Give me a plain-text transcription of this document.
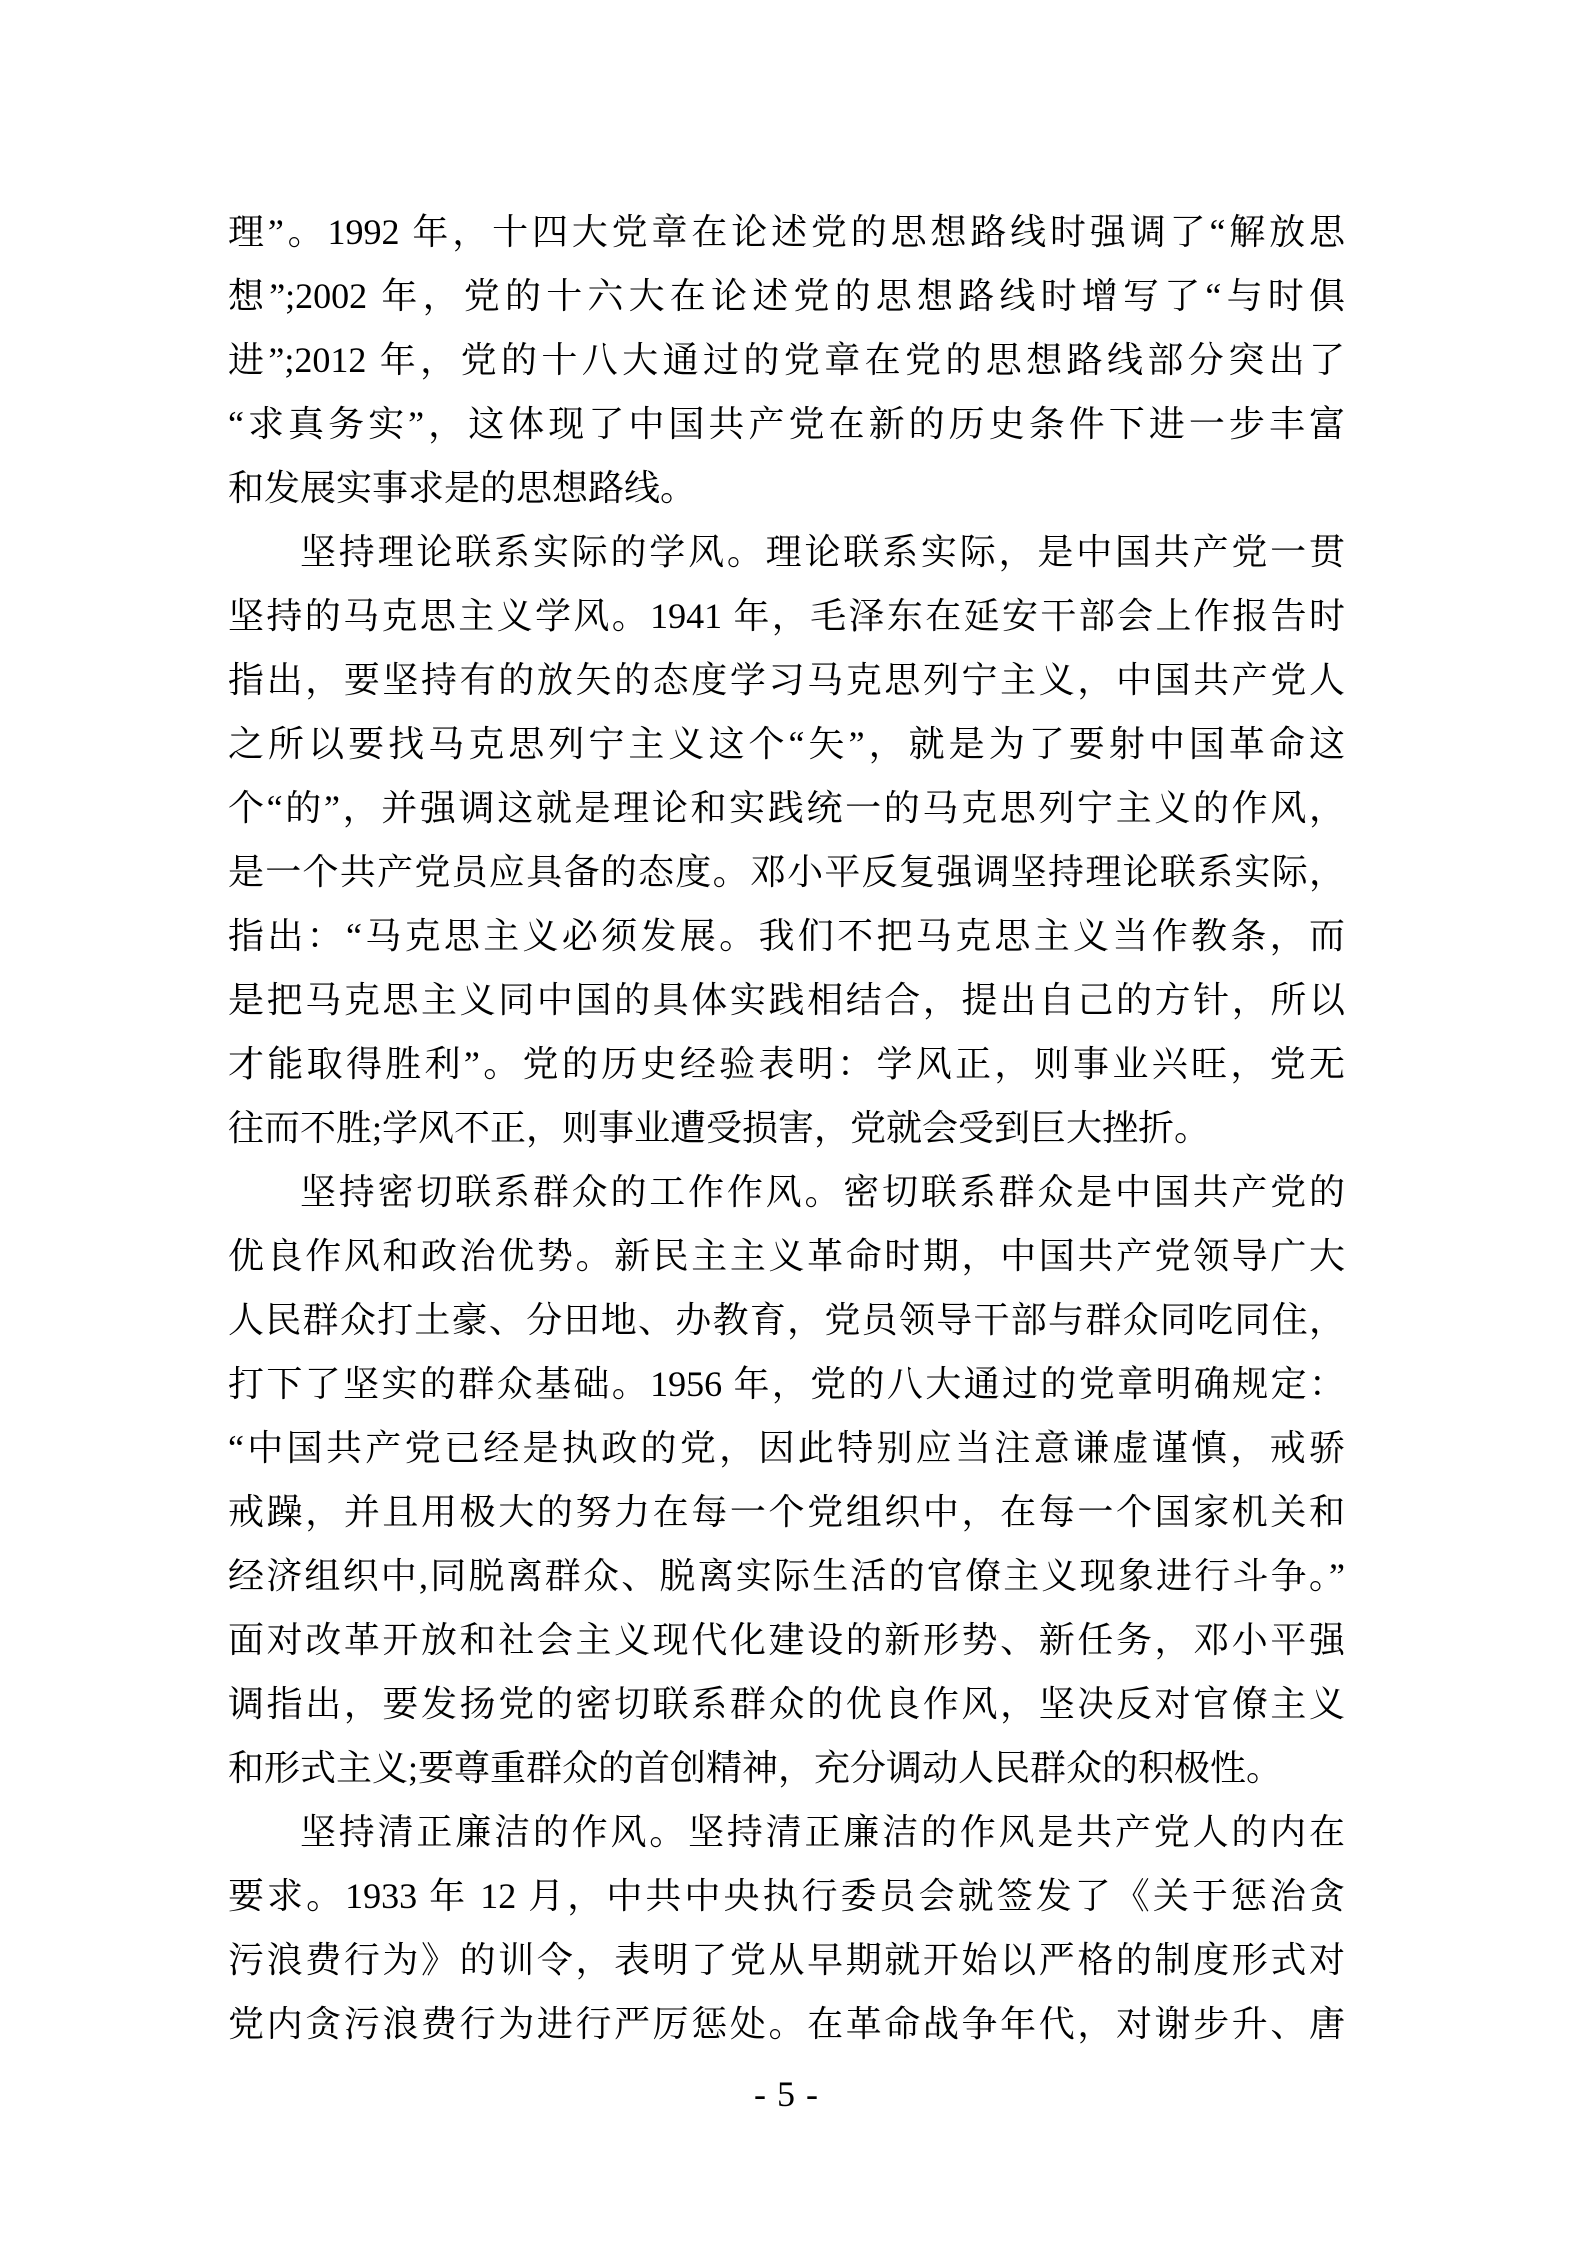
理”。1992 年，十四大党章在论述党的思想路线时强调了“解放思
想”;2002 年，党的十六大在论述党的思想路线时增写了“与时俱
进”;2012 年，党的十八大通过的党章在党的思想路线部分突出了
“求真务实”，这体现了中国共产党在新的历史条件下进一步丰富
和发展实事求是的思想路线。
坚持理论联系实际的学风。理论联系实际，是中国共产党一贯
坚持的马克思主义学风。1941 年，毛泽东在延安干部会上作报告时
指出，要坚持有的放矢的态度学习马克思列宁主义，中国共产党人
之所以要找马克思列宁主义这个“矢”，就是为了要射中国革命这
个“的”，并强调这就是理论和实践统一的马克思列宁主义的作风，
是一个共产党员应具备的态度。邓小平反复强调坚持理论联系实际，
指出：“马克思主义必须发展。我们不把马克思主义当作教条，而
是把马克思主义同中国的具体实践相结合，提出自己的方针，所以
才能取得胜利”。党的历史经验表明：学风正，则事业兴旺，党无
往而不胜;学风不正，则事业遭受损害，党就会受到巨大挫折。
坚持密切联系群众的工作作风。密切联系群众是中国共产党的
优良作风和政治优势。新民主主义革命时期，中国共产党领导广大
人民群众打土豪、分田地、办教育，党员领导干部与群众同吃同住，
打下了坚实的群众基础。1956 年，党的八大通过的党章明确规定：
“中国共产党已经是执政的党，因此特别应当注意谦虚谨慎，戒骄
戒躁，并且用极大的努力在每一个党组织中，在每一个国家机关和
经济组织中,同脱离群众、脱离实际生活的官僚主义现象进行斗争。”
面对改革开放和社会主义现代化建设的新形势、新任务，邓小平强
调指出，要发扬党的密切联系群众的优良作风，坚决反对官僚主义
和形式主义;要尊重群众的首创精神，充分调动人民群众的积极性。
坚持清正廉洁的作风。坚持清正廉洁的作风是共产党人的内在
要求。1933 年 12 月，中共中央执行委员会就签发了《关于惩治贪
污浪费行为》的训令，表明了党从早期就开始以严格的制度形式对
党内贪污浪费行为进行严厉惩处。在革命战争年代，对谢步升、唐
- 5 -
